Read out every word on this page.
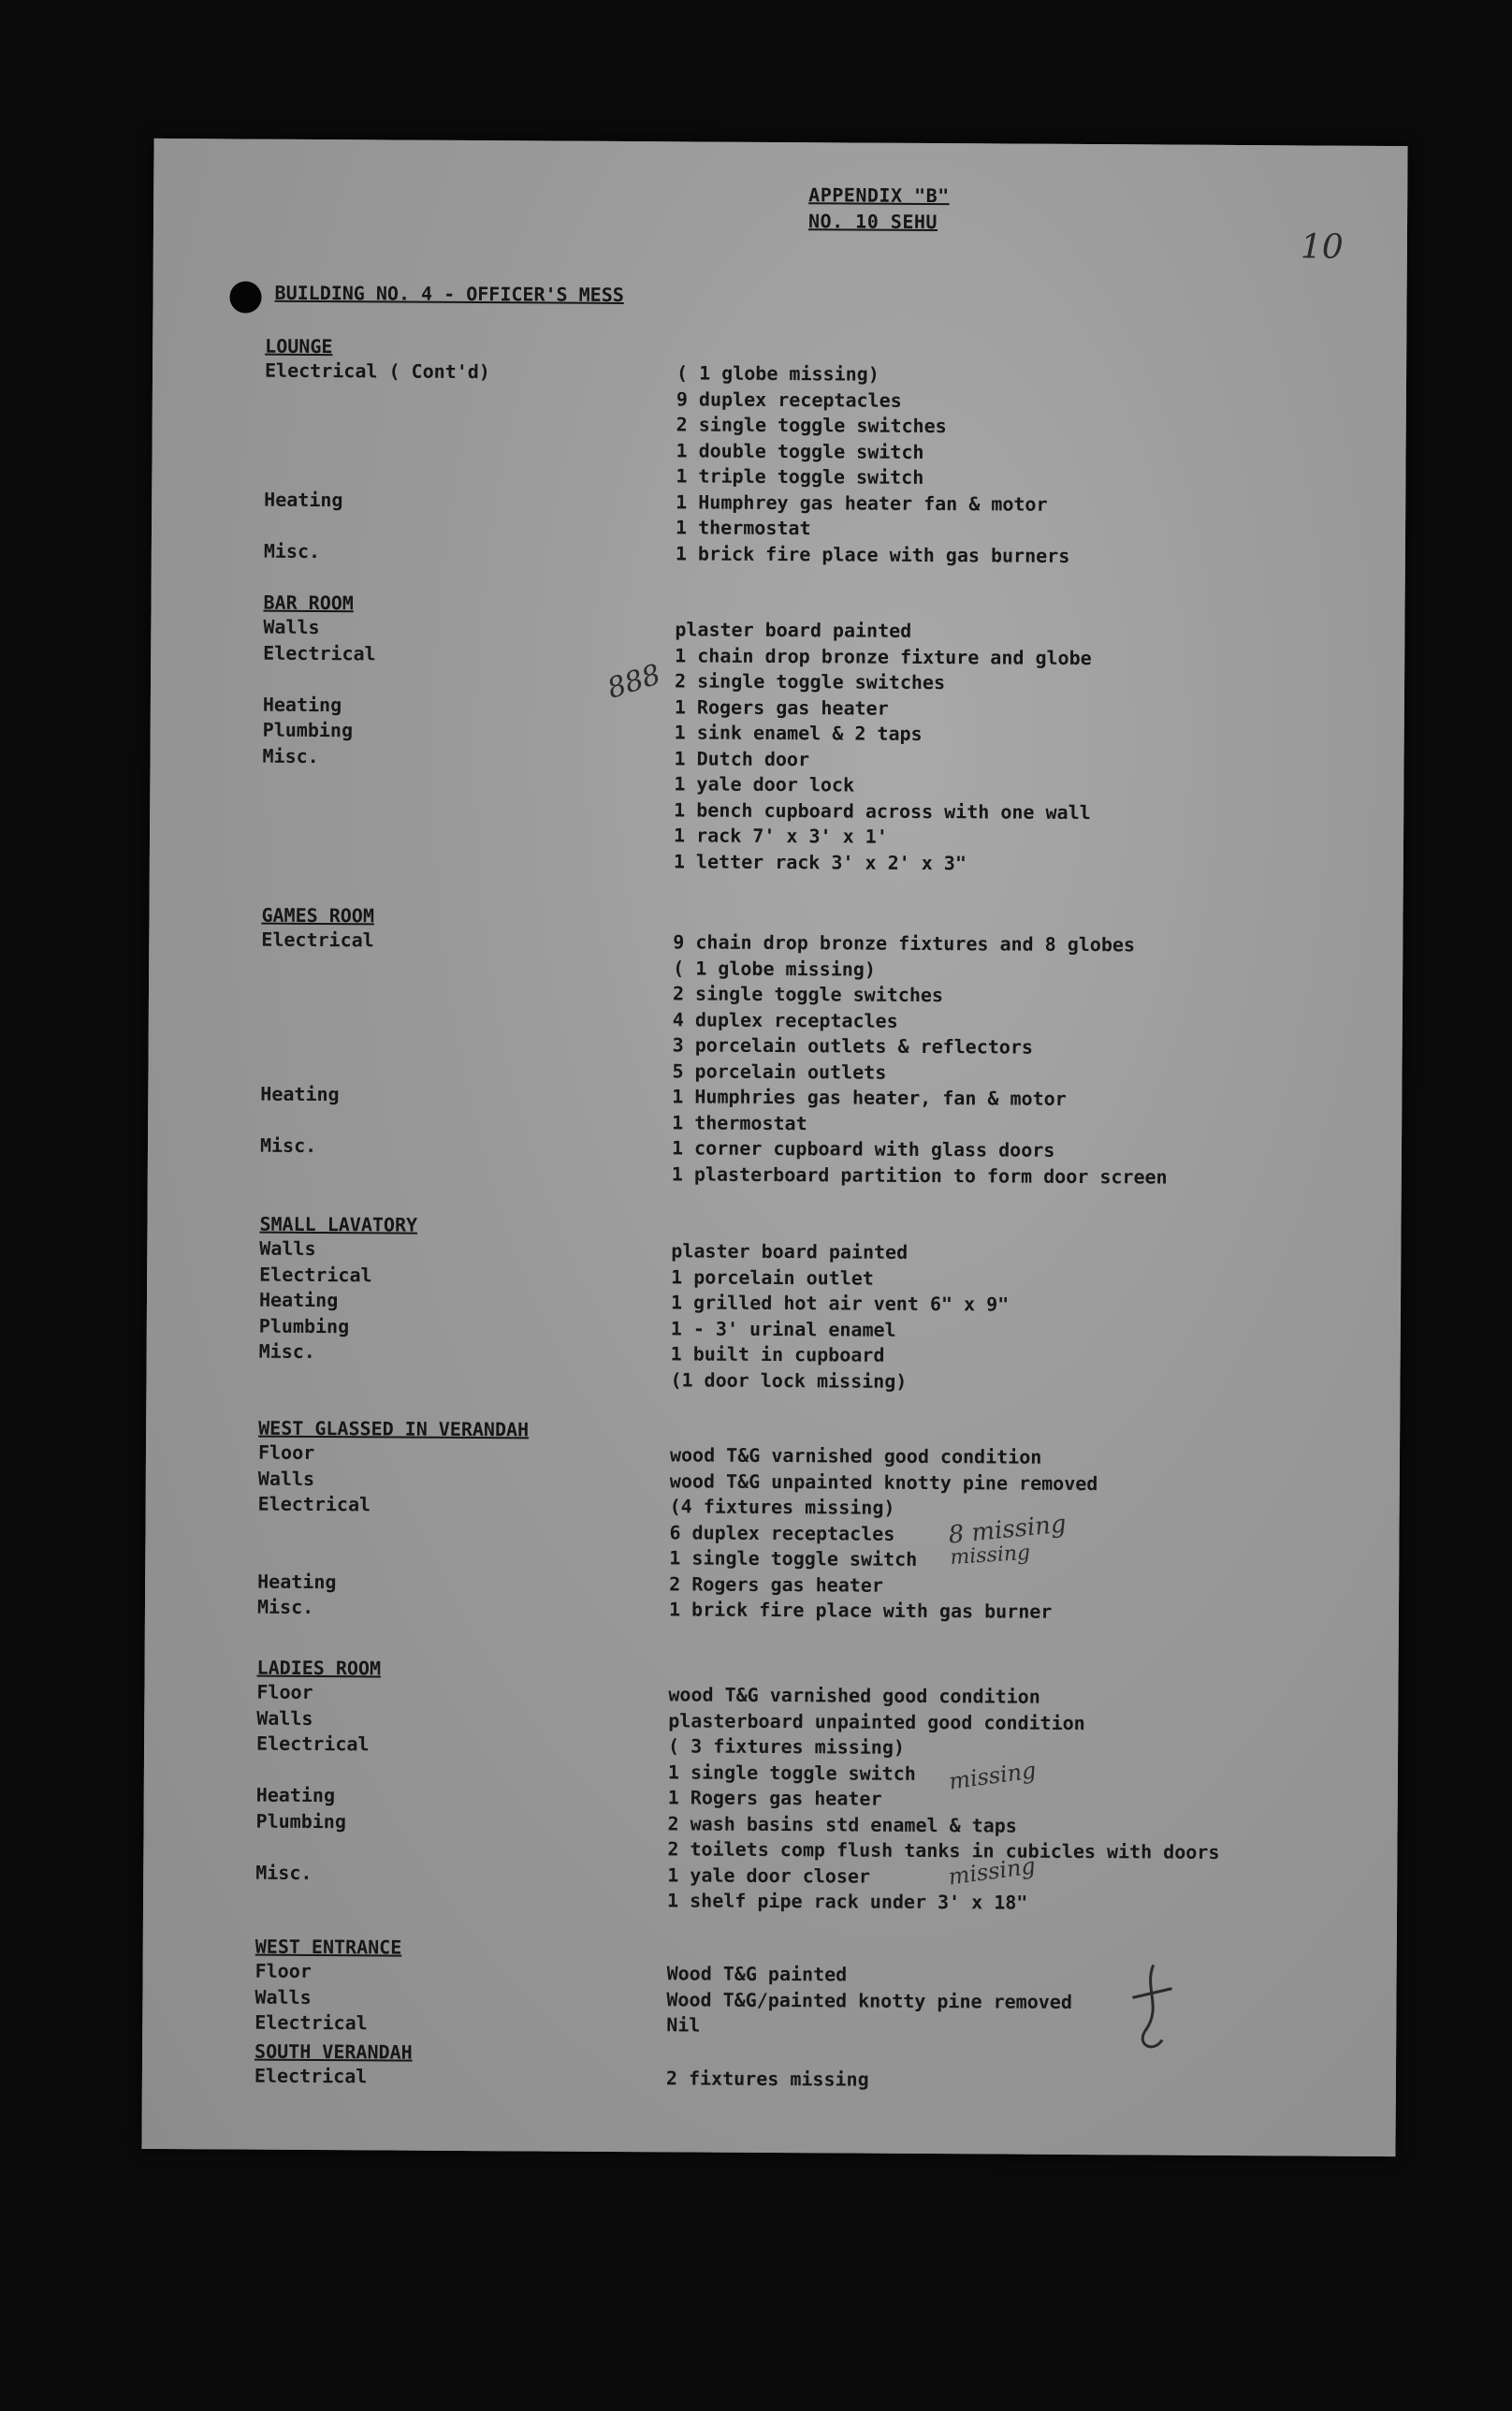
APPENDIX "B"
NO. 10 SEHU
10
BUILDING NO. 4 - OFFICER'S MESS
LOUNGE
Electrical ( Cont'd)	( 1 globe missing)
9 duplex receptacles
2 single toggle switches
1 double toggle switch
1 triple toggle switch
Heating	1 Humphrey gas heater fan & motor
1 thermostat
Misc.	1 brick fire place with gas burners
BAR ROOM
Walls	plaster board painted
Electrical	1 chain drop bronze fixture and globe
2 single toggle switches
Heating	1 Rogers gas heater
Plumbing	1 sink enamel & 2 taps
Misc.	1 Dutch door
1 yale door lock
1 bench cupboard across with one wall
1 rack 7' x 3' x 1'
1 letter rack 3' x 2' x 3"
GAMES ROOM
Electrical	9 chain drop bronze fixtures and 8 globes
( 1 globe missing)
2 single toggle switches
4 duplex receptacles
3 porcelain outlets & reflectors
5 porcelain outlets
Heating	1 Humphries gas heater, fan & motor
1 thermostat
Misc.	1 corner cupboard with glass doors
1 plasterboard partition to form door screen
SMALL LAVATORY
Walls	plaster board painted
Electrical	1 porcelain outlet
Heating	1 grilled hot air vent 6" x 9"
Plumbing	1 - 3' urinal enamel
Misc.	1 built in cupboard
(1 door lock missing)
WEST GLASSED IN VERANDAH
Floor	wood T&G varnished good condition
Walls	wood T&G unpainted knotty pine removed
Electrical	(4 fixtures missing)
6 duplex receptacles
1 single toggle switch
Heating	2 Rogers gas heater
Misc.	1 brick fire place with gas burner
LADIES ROOM
Floor	wood T&G varnished good condition
Walls	plasterboard unpainted good condition
Electrical	( 3 fixtures missing)
1 single toggle switch
Heating	1 Rogers gas heater
Plumbing	2 wash basins std enamel & taps
2 toilets comp flush tanks in cubicles with doors
Misc.	1 yale door closer
1 shelf pipe rack under 3' x 18"
WEST ENTRANCE
Floor	Wood T&G painted
Walls	Wood T&G/painted knotty pine removed
Electrical	Nil
SOUTH VERANDAH
Electrical	2 fixtures missing
888
8 missing
missing
missing
missing
